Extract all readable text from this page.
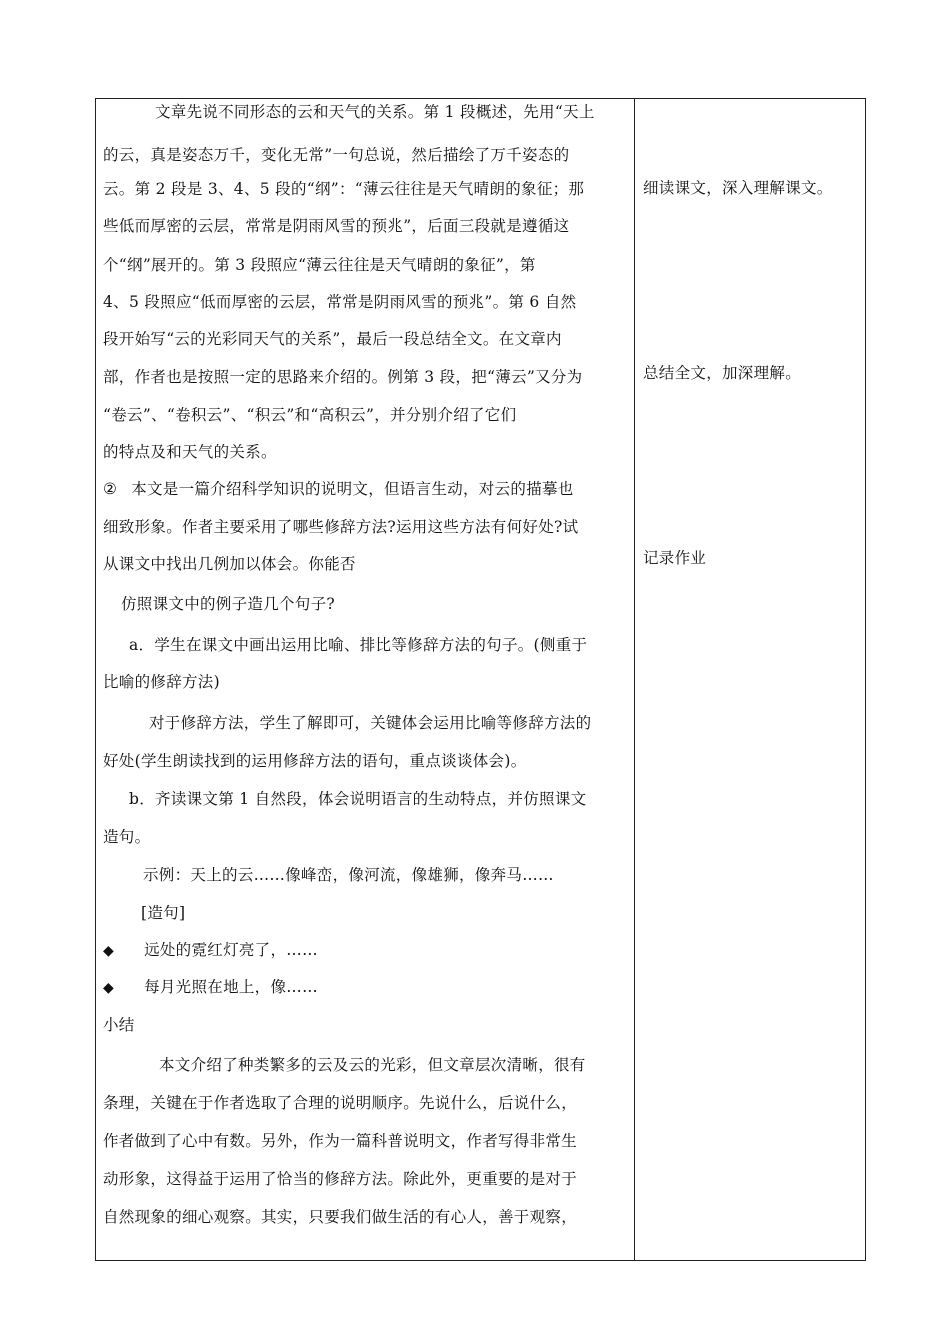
文章先说不同形态的云和天气的关系。第 1 段概述，先用“天上
的云，真是姿态万千，变化无常”一句总说，然后描绘了万千姿态的
云。第 2 段是 3、4、5 段的“纲”：“薄云往往是天气晴朗的象征；那
些低而厚密的云层，常常是阴雨风雪的预兆”，后面三段就是遵循这
个“纲”展开的。第 3 段照应“薄云往往是天气晴朗的象征”，第
4、5 段照应“低而厚密的云层，常常是阴雨风雪的预兆”。第 6 自然
段开始写“云的光彩同天气的关系”，最后一段总结全文。在文章内
部，作者也是按照一定的思路来介绍的。例第 3 段，把“薄云”又分为
“卷云”、“卷积云”、“积云”和“高积云”，并分别介绍了它们
的特点及和天气的关系。
② 本文是一篇介绍科学知识的说明文，但语言生动，对云的描摹也
细致形象。作者主要采用了哪些修辞方法?运用这些方法有何好处?试
从课文中找出几例加以体会。你能否
仿照课文中的例子造几个句子?
a．学生在课文中画出运用比喻、排比等修辞方法的句子。(侧重于
比喻的修辞方法)
对于修辞方法，学生了解即可，关键体会运用比喻等修辞方法的
好处(学生朗读找到的运用修辞方法的语句，重点谈谈体会)。
b．齐读课文第 1 自然段，体会说明语言的生动特点，并仿照课文
造句。
示例：天上的云……像峰峦，像河流，像雄狮，像奔马……
[造句]
◆ 远处的霓红灯亮了，……
◆ 每月光照在地上，像……
小结
本文介绍了种类繁多的云及云的光彩，但文章层次清晰，很有
条理，关键在于作者选取了合理的说明顺序。先说什么，后说什么，
作者做到了心中有数。另外，作为一篇科普说明文，作者写得非常生
动形象，这得益于运用了恰当的修辞方法。除此外，更重要的是对于
自然现象的细心观察。其实，只要我们做生活的有心人，善于观察，
细读课文，深入理解课文。
总结全文，加深理解。
记录作业
